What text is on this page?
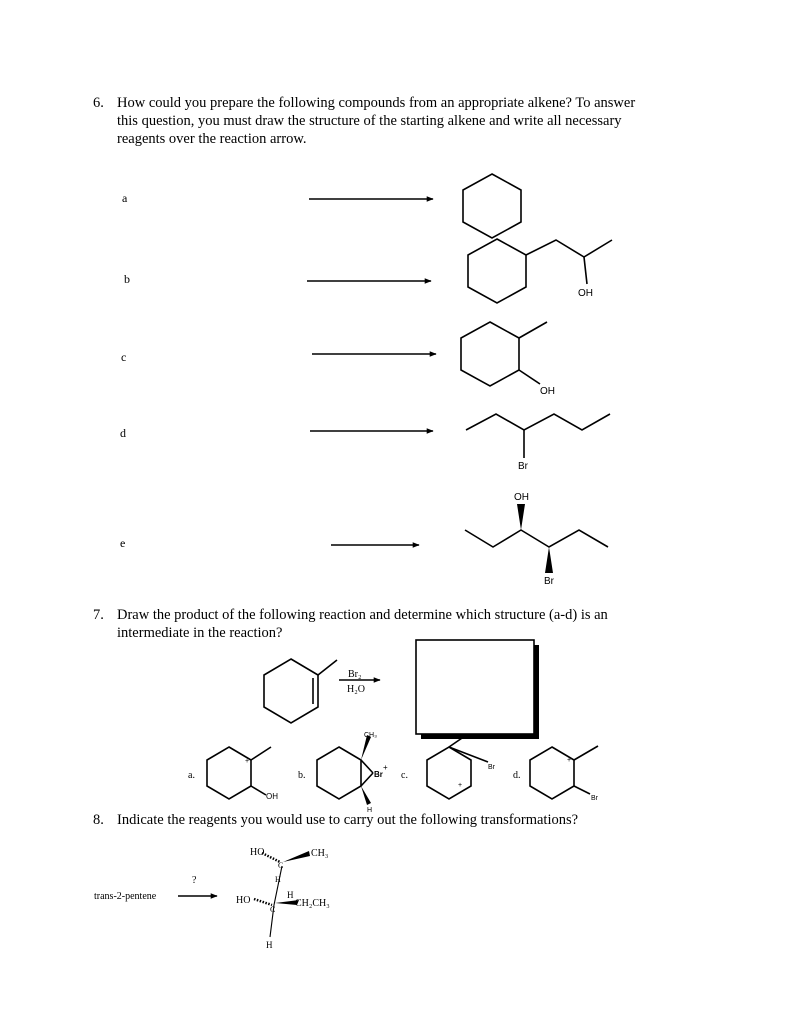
6. How could you prepare the following compounds from an appropriate alkene? To answer
this question, you must draw the structure of the starting alkene and write all necessary
reagents over the reaction arrow.
a
b
c
d
e
7. Draw the product of the following reaction and determine which structure (a-d) is an
intermediate in the reaction?
8. Indicate the reagents you would use to carry out the following transformations?
OH
OH
Br
OH
Br
Br₂
H₂O
a.	b.	c.	d.
+
OH
CH₃
Br
+
H
Br
+
+
Br
trans-2-pentene
?
HO	CH₃
C
H
H
HO	CH₂CH₃
C
H
